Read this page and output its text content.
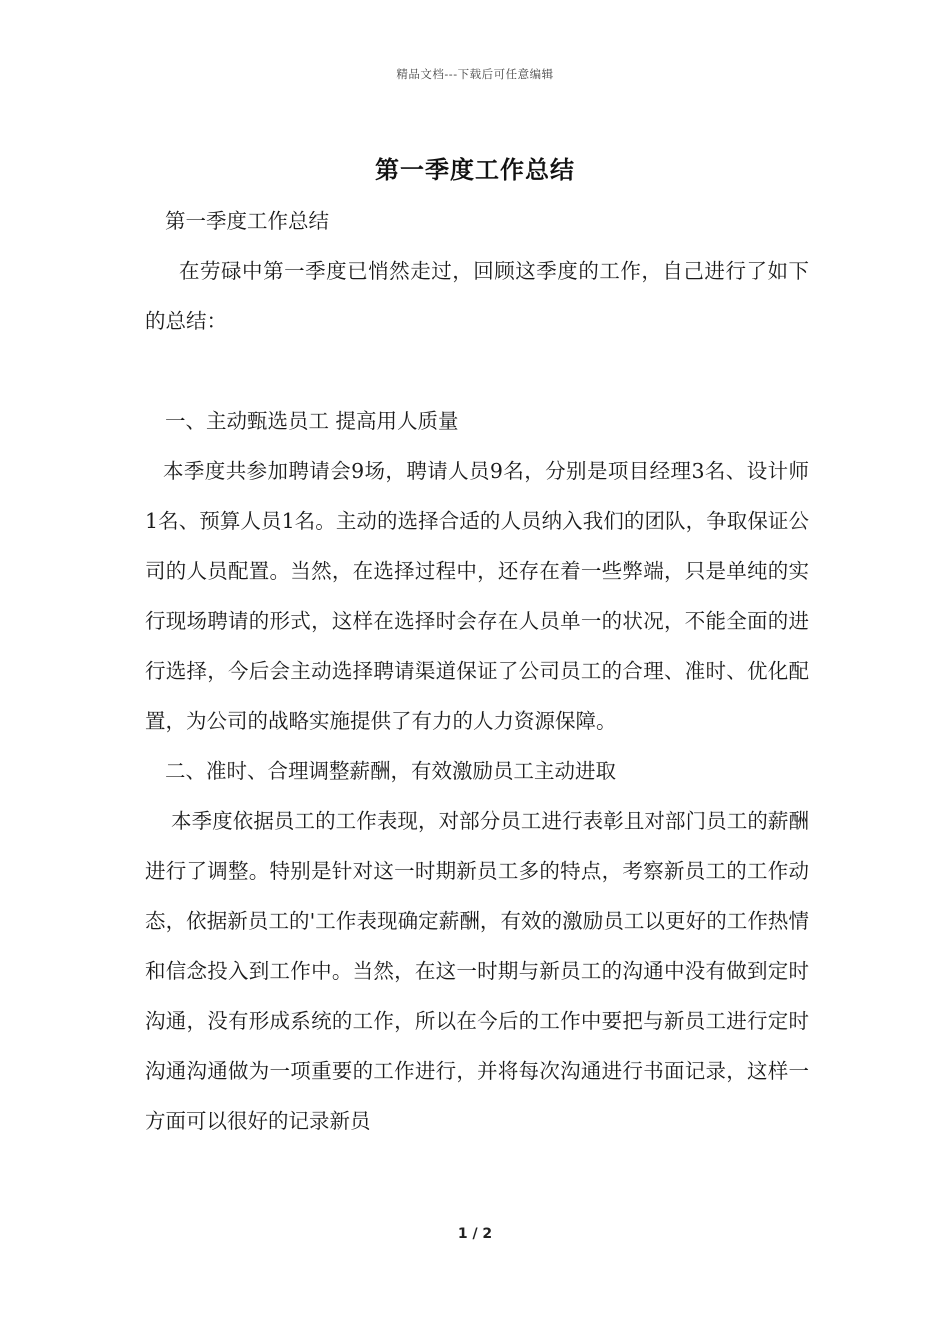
精品文档---下载后可任意编辑
第一季度工作总结

第一季度工作总结

在劳碌中第一季度已悄然走过，回顾这季度的工作，自己进行了如下的总结：

一、主动甄选员工 提高用人质量

本季度共参加聘请会9场，聘请人员9名，分别是项目经理3名、设计师1名、预算人员1名。主动的选择合适的人员纳入我们的团队，争取保证公司的人员配置。当然，在选择过程中，还存在着一些弊端，只是单纯的实行现场聘请的形式，这样在选择时会存在人员单一的状况，不能全面的进行选择，今后会主动选择聘请渠道保证了公司员工的合理、准时、优化配置，为公司的战略实施提供了有力的人力资源保障。

二、准时、合理调整薪酬，有效激励员工主动进取

本季度依据员工的工作表现，对部分员工进行表彰且对部门员工的薪酬进行了调整。特别是针对这一时期新员工多的特点，考察新员工的工作动态，依据新员工的'工作表现确定薪酬，有效的激励员工以更好的工作热情和信念投入到工作中。当然，在这一时期与新员工的沟通中没有做到定时沟通，没有形成系统的工作，所以在今后的工作中要把与新员工进行定时沟通沟通做为一项重要的工作进行，并将每次沟通进行书面记录，这样一方面可以很好的记录新员

1 / 2
